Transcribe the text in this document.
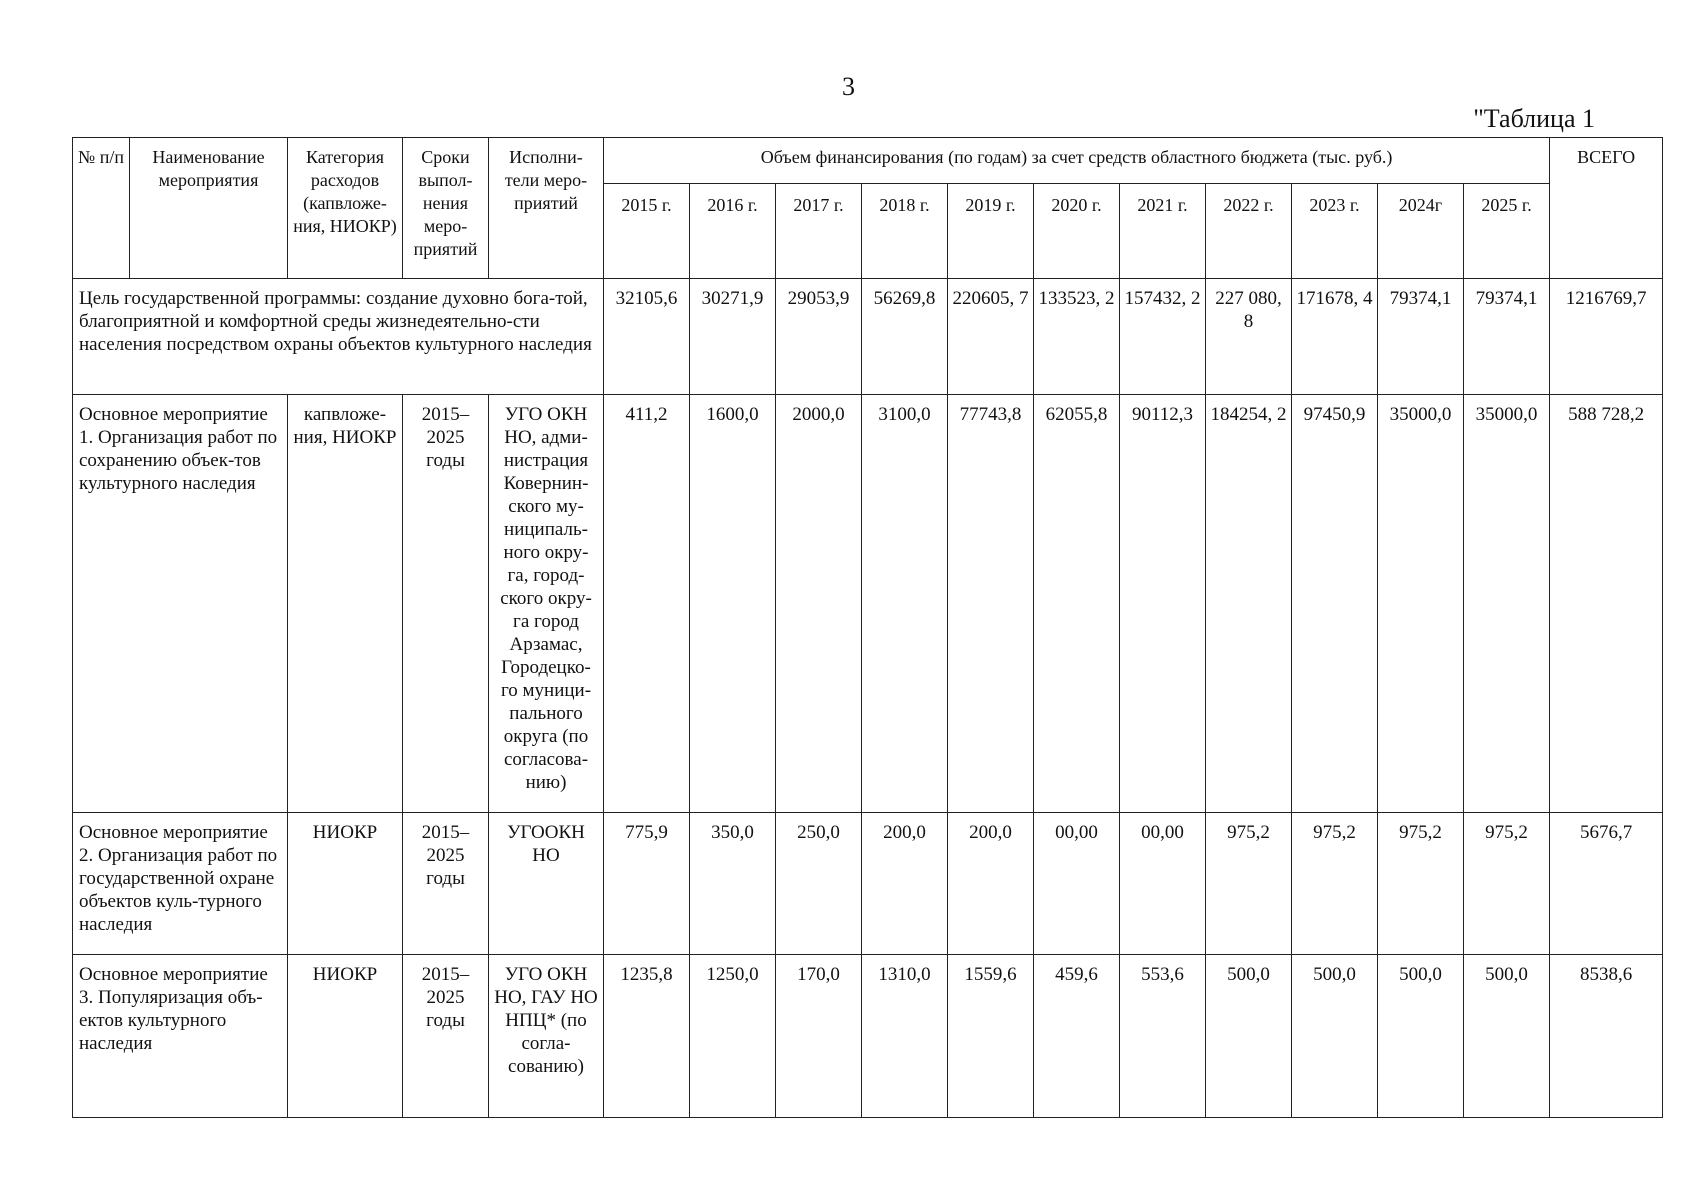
3
"Таблица 1
№ п/п	Наименование мероприятия	Категория расходов (капвложе-ния, НИОКР)	Сроки выпол-нения меро-приятий	Исполни-тели меро-приятий	Объем финансирования (по годам) за счет средств областного бюджета (тыс. руб.)											ВСЕГО
					2015 г.	2016 г.	2017 г.	2018 г.	2019 г.	2020 г.	2021 г.	2022 г.	2023 г.	2024г	2025 г.	
Цель государственной программы: создание духовно бога-той, благоприятной и комфортной среды жизнедеятельно-сти населения посредством охраны объектов культурного наследия					32105,6	30271,9	29053,9	56269,8	220605, 7	133523, 2	157432, 2	227 080, 8	171678, 4	79374,1	79374,1	1216769,7
Основное мероприятие 1. Организация работ по сохранению объек-тов культурного наследия		капвложе-ния, НИОКР	2015– 2025 годы	УГО ОКН НО, адми-нистрация Ковернин-ского му-ниципаль-ного окру-га, город-ского окру-га город Арзамас, Городецко-го муници-пального округа (по согласова-нию)	411,2	1600,0	2000,0	3100,0	77743,8	62055,8	90112,3	184254, 2	97450,9	35000,0	35000,0	588 728,2
Основное мероприятие 2. Организация работ по государственной охране объектов куль-турного наследия		НИОКР	2015– 2025 годы	УГООКН НО	775,9	350,0	250,0	200,0	200,0	00,00	00,00	975,2	975,2	975,2	975,2	5676,7
Основное мероприятие 3. Популяризация объ-ектов культурного наследия		НИОКР	2015– 2025 годы	УГО ОКН НО, ГАУ НО НПЦ* (по согла-сованию)	1235,8	1250,0	170,0	1310,0	1559,6	459,6	553,6	500,0	500,0	500,0	500,0	8538,6
